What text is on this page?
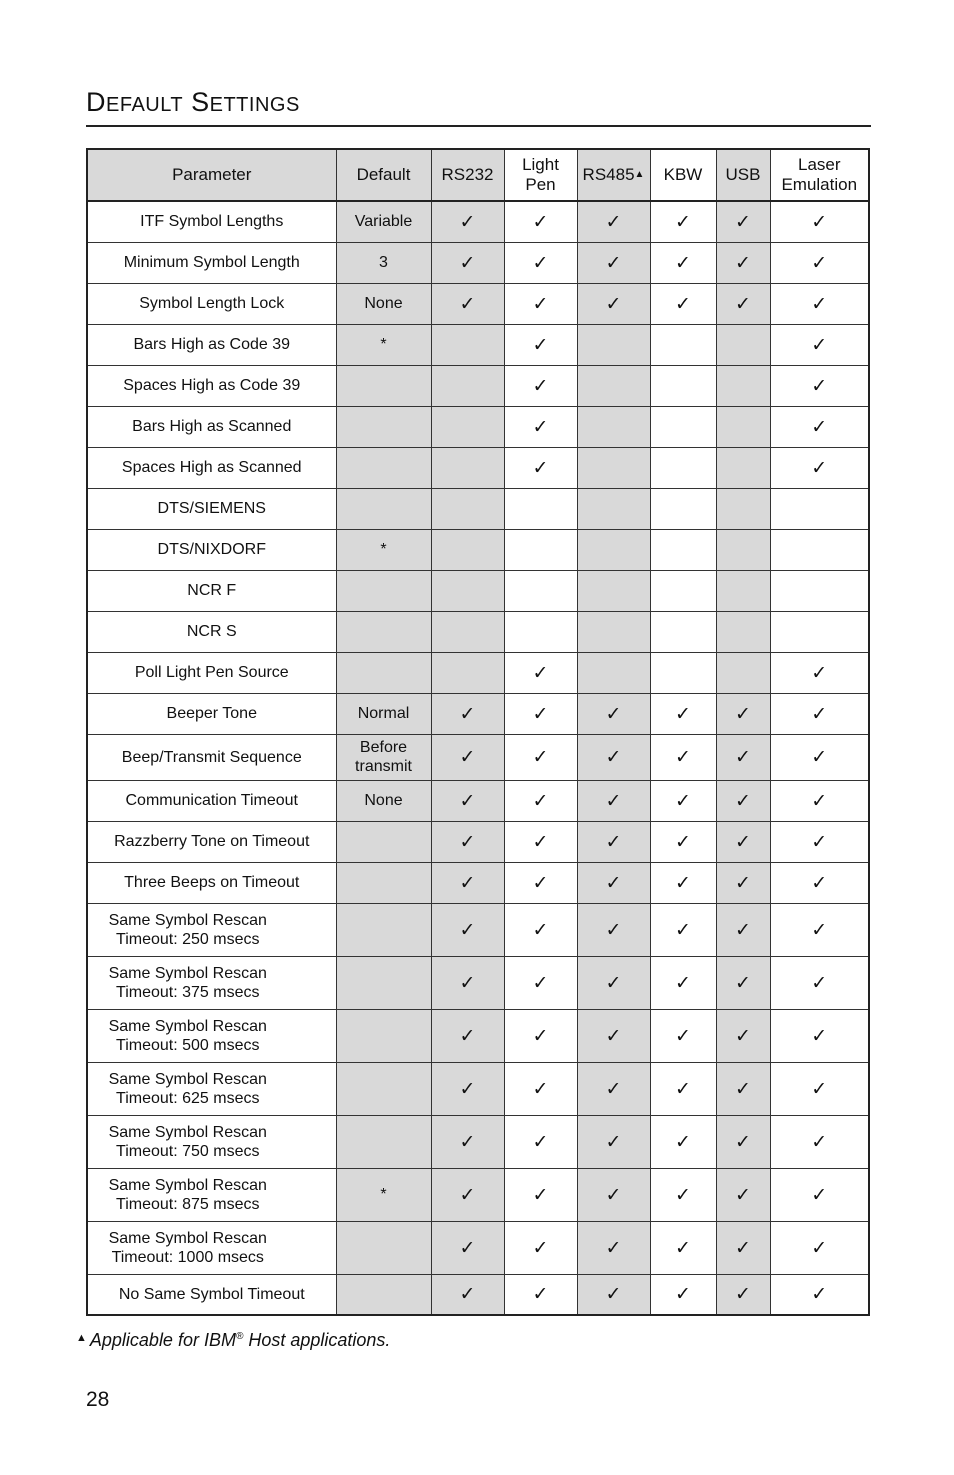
DEFAULT SETTINGS
Parameter	Default	RS232	Light Pen	RS485▲	KBW	USB	Laser Emulation
ITF Symbol Lengths	Variable	✓	✓	✓	✓	✓	✓
Minimum Symbol Length	3	✓	✓	✓	✓	✓	✓
Symbol Length Lock	None	✓	✓	✓	✓	✓	✓
Bars High as Code 39	*		✓				✓
Spaces High as Code 39			✓				✓
Bars High as Scanned			✓				✓
Spaces High as Scanned			✓				✓
DTS/SIEMENS							
DTS/NIXDORF	*						
NCR F							
NCR S							
Poll Light Pen Source			✓				✓
Beeper Tone	Normal	✓	✓	✓	✓	✓	✓
Beep/Transmit Sequence	Before transmit	✓	✓	✓	✓	✓	✓
Communication Timeout	None	✓	✓	✓	✓	✓	✓
Razzberry Tone on Timeout		✓	✓	✓	✓	✓	✓
Three Beeps on Timeout		✓	✓	✓	✓	✓	✓
Same Symbol Rescan Timeout: 250 msecs		✓	✓	✓	✓	✓	✓
Same Symbol Rescan Timeout: 375 msecs		✓	✓	✓	✓	✓	✓
Same Symbol Rescan Timeout: 500 msecs		✓	✓	✓	✓	✓	✓
Same Symbol Rescan Timeout: 625 msecs		✓	✓	✓	✓	✓	✓
Same Symbol Rescan Timeout: 750 msecs		✓	✓	✓	✓	✓	✓
Same Symbol Rescan Timeout: 875 msecs	*	✓	✓	✓	✓	✓	✓
Same Symbol Rescan Timeout: 1000 msecs		✓	✓	✓	✓	✓	✓
No Same Symbol Timeout		✓	✓	✓	✓	✓	✓
▲ Applicable for IBM® Host applications.
28
